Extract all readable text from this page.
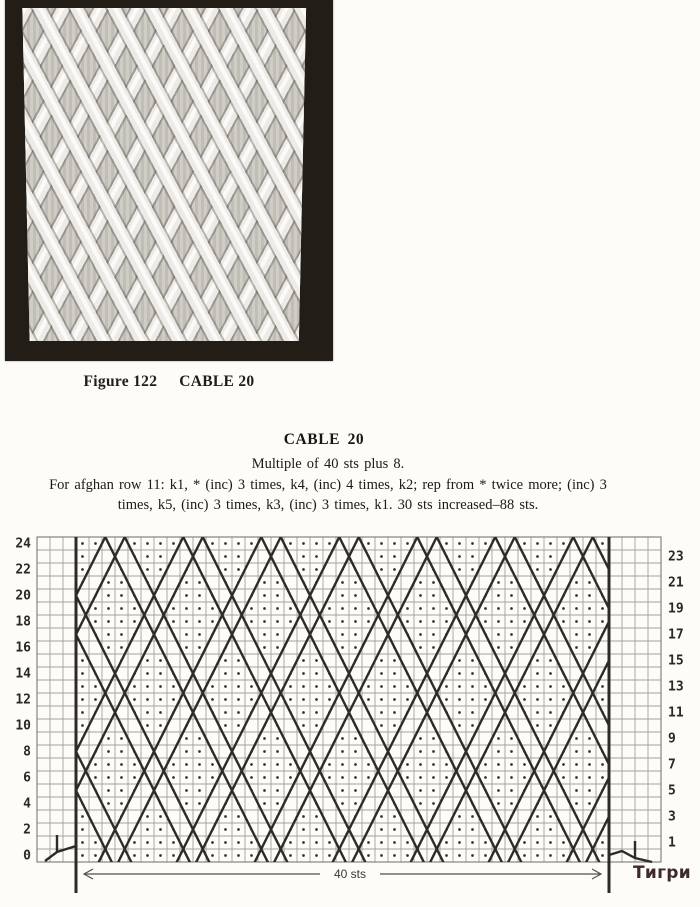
Figure 122 CABLE 20
CABLE 20
Multiple of 40 sts plus 8.
For afghan row 11: k1, * (inc) 3 times, k4, (inc) 4 times, k2; rep from * twice more; (inc) 3
times, k5, (inc) 3 times, k3, (inc) 3 times, k1. 30 sts increased–88 sts.
40 sts
24
22
20
18
16
14
12
10
8
6
4
2
0
23
21
19
17
15
13
11
9
7
5
3
1
Тигри
